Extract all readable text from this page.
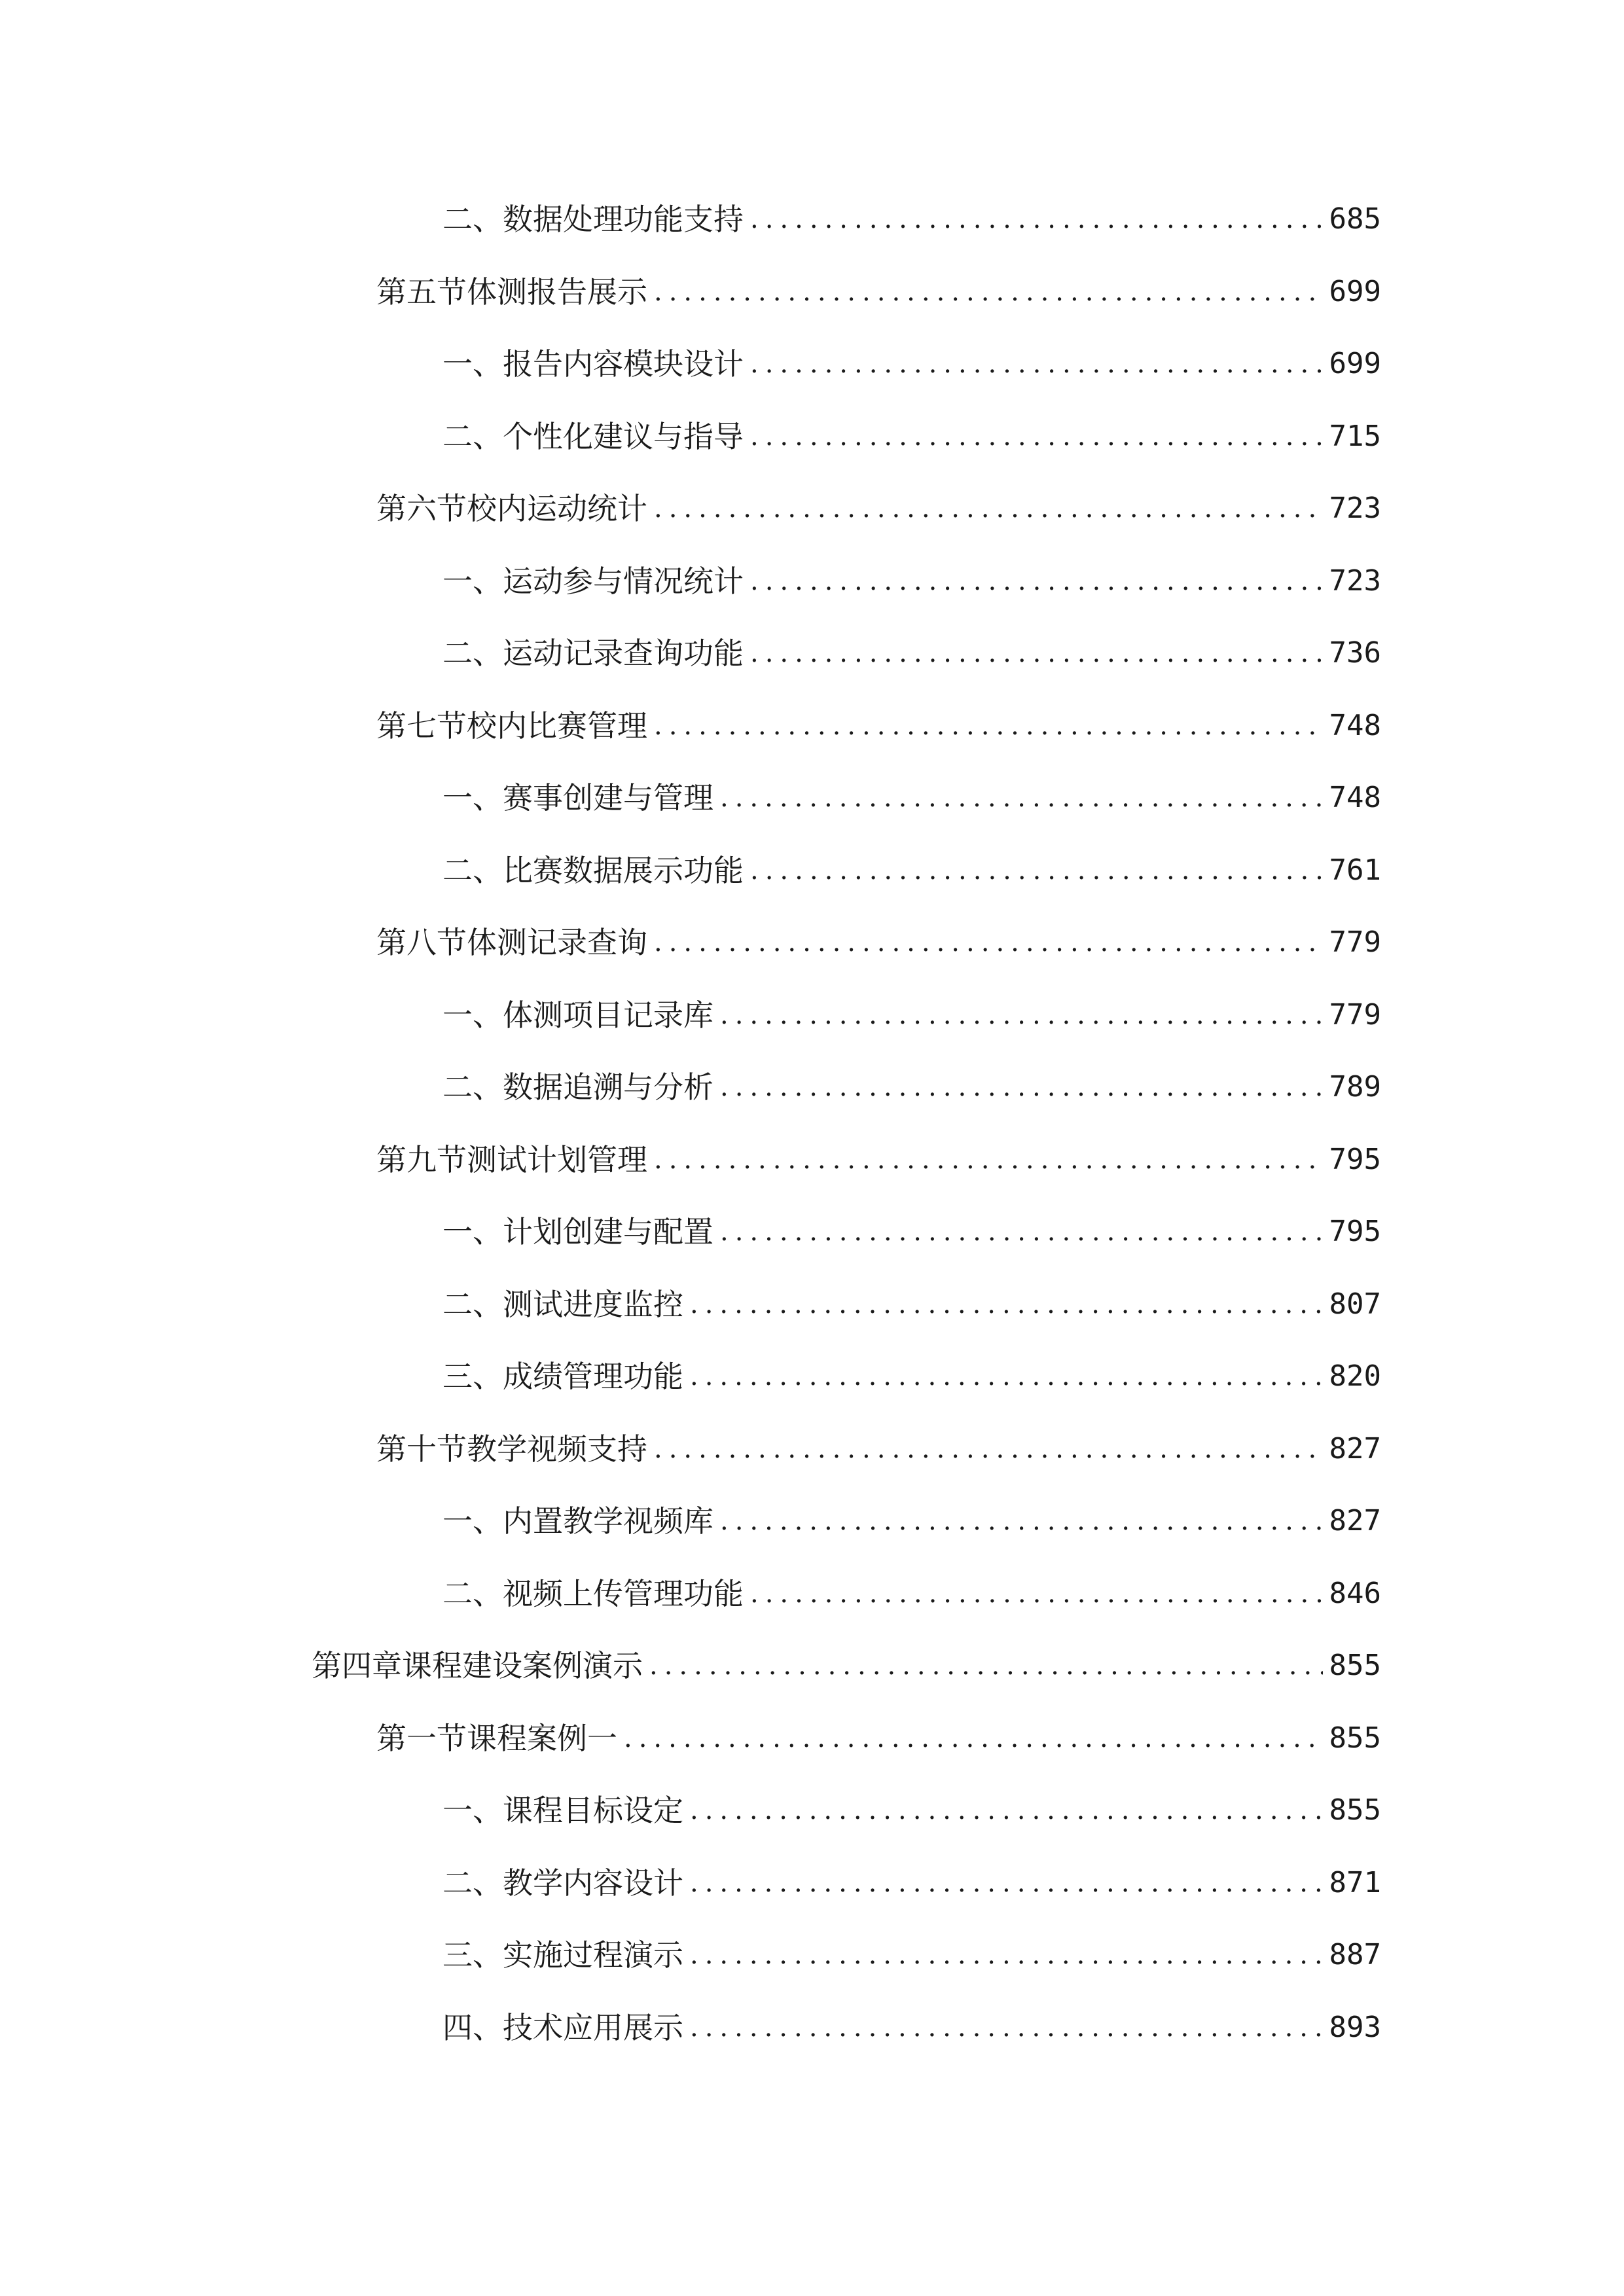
二、 数据处理功能支持 .....	685
第五节 体测报告展示 .....	699
一、 报告内容模块设计 .....	699
二、 个性化建议与指导 .....	715
第六节 校内运动统计 .....	723
一、 运动参与情况统计 .....	723
二、 运动记录查询功能 .....	736
第七节 校内比赛管理 .....	748
一、 赛事创建与管理 .....	748
二、 比赛数据展示功能 .....	761
第八节 体测记录查询 .....	779
一、 体测项目记录库 .....	779
二、 数据追溯与分析 .....	789
第九节 测试计划管理 .....	795
一、 计划创建与配置 .....	795
二、 测试进度监控 .....	807
三、 成绩管理功能 .....	820
第十节 教学视频支持 .....	827
一、 内置教学视频库 .....	827
二、 视频上传管理功能 .....	846
第四章 课程建设案例演示 .....	855
第一节 课程案例一 .....	855
一、 课程目标设定 .....	855
二、 教学内容设计 .....	871
三、 实施过程演示 .....	887
四、 技术应用展示 .....	893
